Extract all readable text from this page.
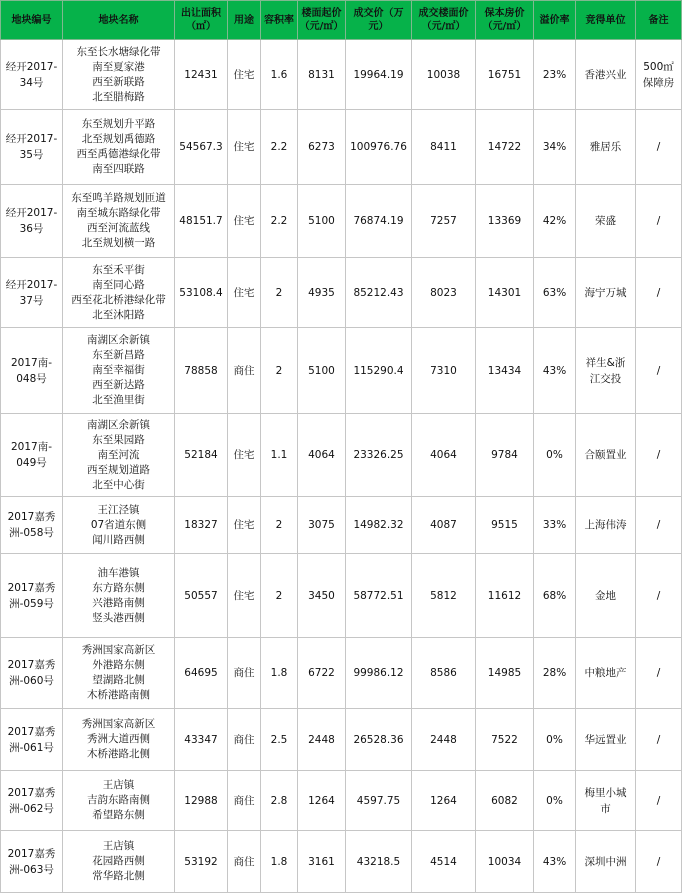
地块编号	地块名称	出让面积
（㎡）	用途	容积率	楼面起价
（元/㎡）	成交价（万
元）	成交楼面价
（元/㎡）	保本房价
（元/㎡）	溢价率	竞得单位	备注
经开2017-
34号	东至长水塘绿化带
南至夏家港
西至新联路
北至腊梅路	12431	住宅	1.6	8131	19964.19	10038	16751	23%	香港兴业	500㎡
保障房
经开2017-
35号	东至规划升平路
北至规划禹德路
西至禹德港绿化带
南至四联路	54567.3	住宅	2.2	6273	100976.76	8411	14722	34%	雅居乐	/
经开2017-
36号	东至鸣羊路规划匝道
南至城东路绿化带
西至河流蓝线
北至规划横一路	48151.7	住宅	2.2	5100	76874.19	7257	13369	42%	荣盛	/
经开2017-
37号	东至禾平街
南至同心路
西至花北桥港绿化带
北至沐阳路	53108.4	住宅	2	4935	85212.43	8023	14301	63%	海宁万城	/
2017南-
048号	南湖区余新镇
东至新昌路
南至幸福街
西至新达路
北至渔里街	78858	商住	2	5100	115290.4	7310	13434	43%	祥生&浙
江交投	/
2017南-
049号	南湖区余新镇
东至果园路
南至河流
西至规划道路
北至中心街	52184	住宅	1.1	4064	23326.25	4064	9784	0%	合颐置业	/
2017嘉秀
洲-058号	王江泾镇
07省道东侧
闻川路西侧	18327	住宅	2	3075	14982.32	4087	9515	33%	上海伟涛	/
2017嘉秀
洲-059号	油车港镇
东方路东侧
兴港路南侧
竖头港西侧	50557	住宅	2	3450	58772.51	5812	11612	68%	金地	/
2017嘉秀
洲-060号	秀洲国家高新区
外港路东侧
望湖路北侧
木桥港路南侧	64695	商住	1.8	6722	99986.12	8586	14985	28%	中粮地产	/
2017嘉秀
洲-061号	秀洲国家高新区
秀洲大道西侧
木桥港路北侧	43347	商住	2.5	2448	26528.36	2448	7522	0%	华远置业	/
2017嘉秀
洲-062号	王店镇
吉韵东路南侧
希望路东侧	12988	商住	2.8	1264	4597.75	1264	6082	0%	梅里小城
市	/
2017嘉秀
洲-063号	王店镇
花园路西侧
常华路北侧	53192	商住	1.8	3161	43218.5	4514	10034	43%	深圳中洲	/
